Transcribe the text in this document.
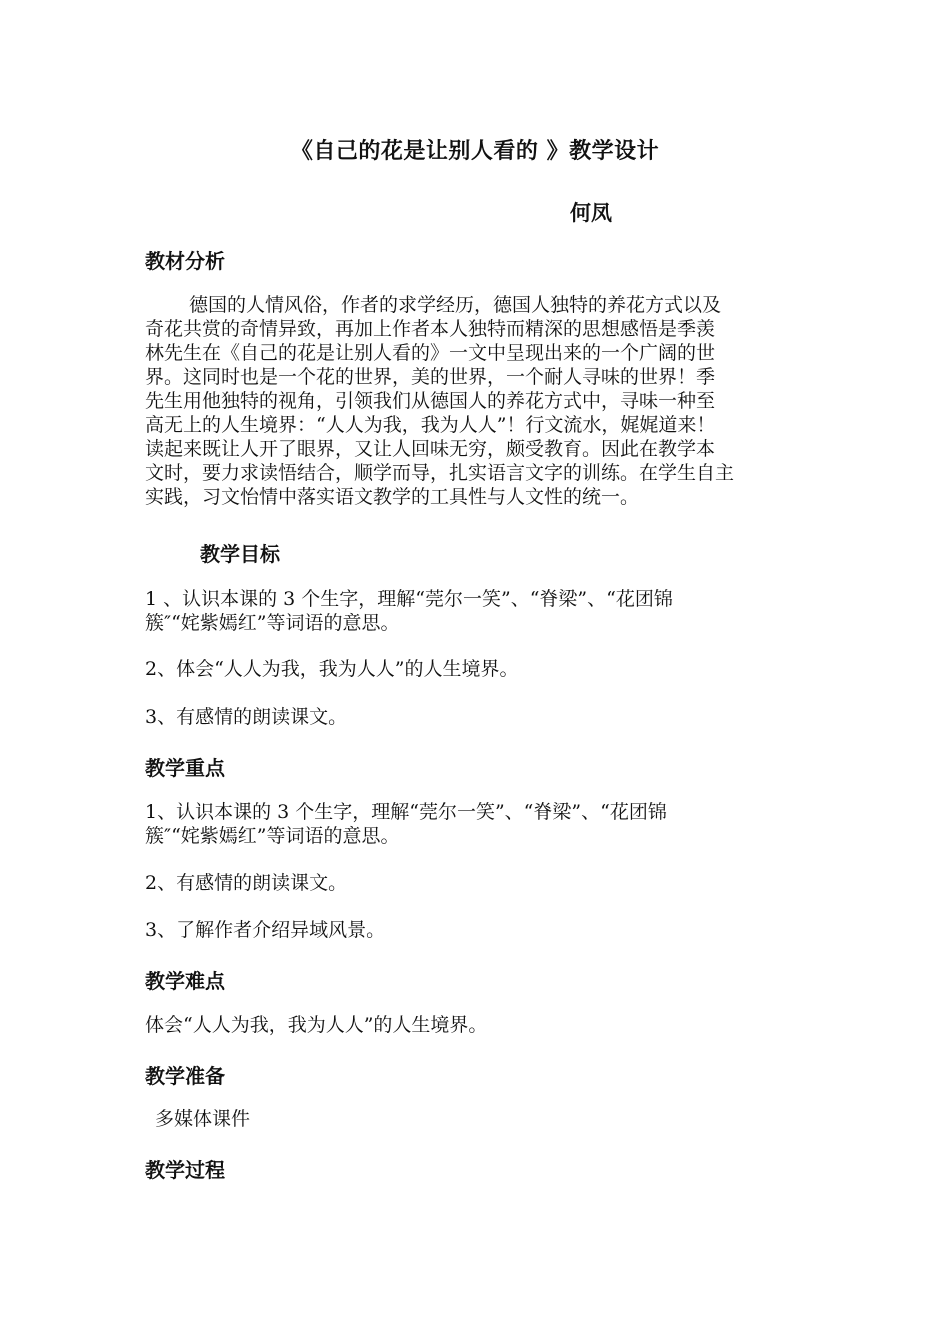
《自己的花是让别人看的 》教学设计
何凤
教材分析
德国的人情风俗，作者的求学经历，德国人独特的养花方式以及
奇花共赏的奇情异致，再加上作者本人独特而精深的思想感悟是季羡
林先生在《自己的花是让别人看的》一文中呈现出来的一个广阔的世
界。这同时也是一个花的世界，美的世界，一个耐人寻味的世界！季
先生用他独特的视角，引领我们从德国人的养花方式中，寻味一种至
高无上的人生境界：“人人为我，我为人人”！行文流水，娓娓道来！
读起来既让人开了眼界，又让人回味无穷，颇受教育。因此在教学本
文时，要力求读悟结合，顺学而导，扎实语言文字的训练。在学生自主
实践，习文怡情中落实语文教学的工具性与人文性的统一。
教学目标
1 、认识本课的 3 个生字，理解“莞尔一笑”、“脊梁”、“花团锦
簇″“姹紫嫣红”等词语的意思。
2、体会“人人为我，我为人人”的人生境界。
3、有感情的朗读课文。
教学重点
1、认识本课的 3 个生字，理解“莞尔一笑”、“脊梁”、“花团锦
簇″“姹紫嫣红”等词语的意思。
2、有感情的朗读课文。
3、了解作者介绍异域风景。
教学难点
体会“人人为我，我为人人”的人生境界。
教学准备
多媒体课件
教学过程
